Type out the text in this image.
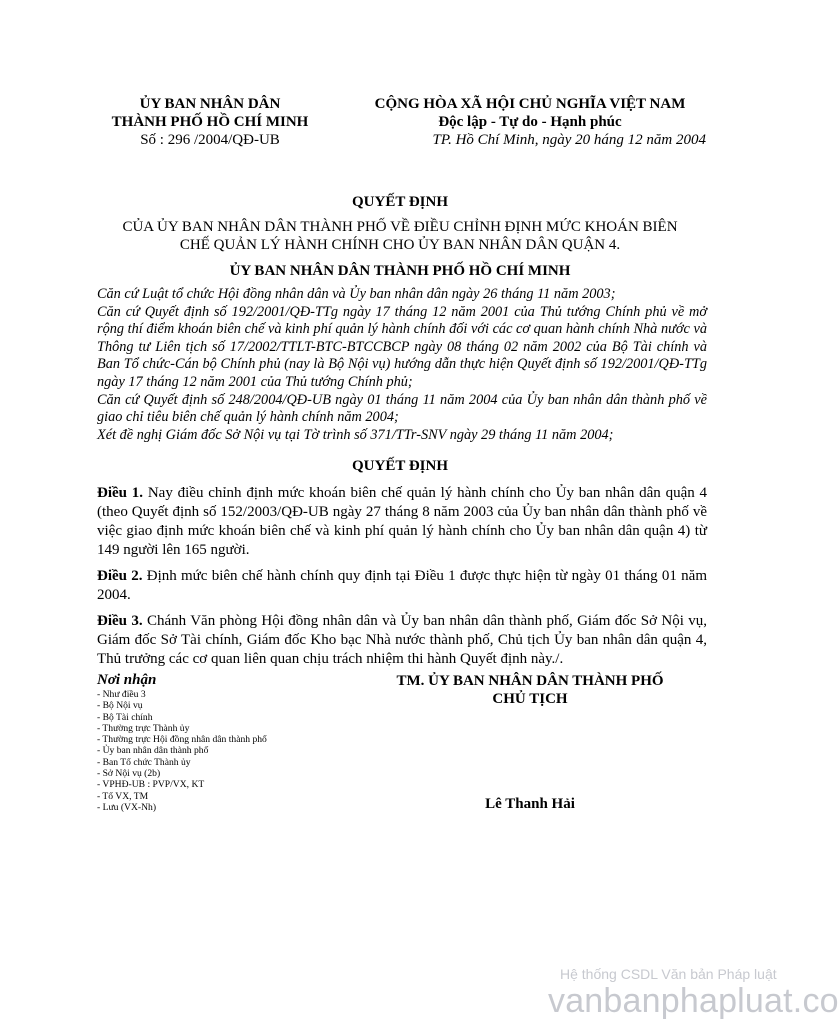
ỦY BAN NHÂN DÂN
THÀNH PHỐ HỒ CHÍ MINH
Số : 296 /2004/QĐ-UB
CỘNG HÒA XÃ HỘI CHỦ NGHĨA VIỆT NAM
Độc lập - Tự do - Hạnh phúc
TP. Hồ Chí Minh, ngày 20 háng 12 năm 2004
QUYẾT ĐỊNH
CỦA ỦY BAN NHÂN DÂN THÀNH PHỐ VỀ ĐIỀU CHỈNH ĐỊNH MỨC KHOÁN BIÊN
CHẾ QUẢN LÝ HÀNH CHÍNH CHO ỦY BAN NHÂN DÂN QUẬN 4.
ỦY BAN NHÂN DÂN THÀNH PHỐ HỒ CHÍ MINH

Căn cứ Luật tổ chức Hội đồng nhân dân và Ủy ban nhân dân ngày 26 tháng 11 năm 2003;

Căn cứ Quyết định số 192/2001/QĐ-TTg ngày 17 tháng 12 năm 2001 của Thủ tướng Chính phủ về mở rộng thí điểm khoán biên chế và kinh phí quản lý hành chính đối với các cơ quan hành chính Nhà nước và Thông tư Liên tịch số 17/2002/TTLT-BTC-BTCCBCP ngày 08 tháng 02 năm 2002 của Bộ Tài chính và Ban Tổ chức-Cán bộ Chính phủ (nay là Bộ Nội vụ) hướng dẫn thực hiện Quyết định số 192/2001/QĐ-TTg ngày 17 tháng 12 năm 2001 của Thủ tướng Chính phủ;

Căn cứ Quyết định số 248/2004/QĐ-UB ngày 01 tháng 11 năm 2004 của Ủy ban nhân dân thành phố về giao chỉ tiêu biên chế quản lý hành chính năm 2004;

Xét đề nghị Giám đốc Sở Nội vụ tại Tờ trình số 371/TTr-SNV ngày 29 tháng 11 năm 2004;

QUYẾT ĐỊNH

Điều 1. Nay điều chỉnh định mức khoán biên chế quản lý hành chính cho Ủy ban nhân dân quận 4 (theo Quyết định số 152/2003/QĐ-UB ngày 27 tháng 8 năm 2003 của Ủy ban nhân dân thành phố về việc giao định mức khoán biên chế và kinh phí quản lý hành chính cho Ủy ban nhân dân quận 4) từ 149 người lên 165 người.

Điều 2. Định mức biên chế hành chính quy định tại Điều 1 được thực hiện từ ngày 01 tháng 01 năm 2004.

Điều 3. Chánh Văn phòng Hội đồng nhân dân và Ủy ban nhân dân thành phố, Giám đốc Sở Nội vụ, Giám đốc Sở Tài chính, Giám đốc Kho bạc Nhà nước thành phố, Chủ tịch Ủy ban nhân dân quận 4, Thủ trưởng các cơ quan liên quan chịu trách nhiệm thi hành Quyết định này./.

Nơi nhận
- Như điều 3
- Bộ Nội vụ
- Bộ Tài chính
- Thường trực Thành ủy
- Thường trực Hội đồng nhân dân thành phố
- Ủy ban nhân dân thành phố
- Ban Tổ chức Thành ủy
- Sở Nội vụ (2b)
- VPHĐ-UB : PVP/VX, KT
- Tổ VX, TM
- Lưu (VX-Nh)
TM. ỦY BAN NHÂN DÂN THÀNH PHỐ
CHỦ TỊCH
Lê Thanh Hải
Hệ thống CSDL Văn bản Pháp luật
vanbanphapluat.co
